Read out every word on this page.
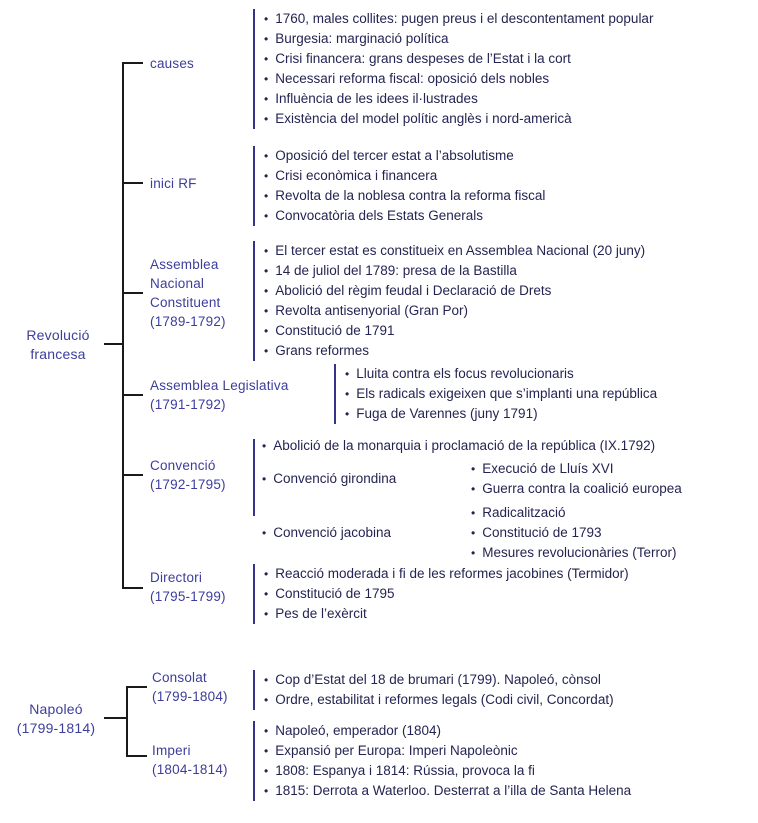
Revolució
francesa
causes
inici RF
Assemblea
Nacional
Constituent
(1789-1792)
Assemblea Legislativa
(1791-1792)
Convenció
(1792-1795)
Directori
(1795-1799)
• 1760, males collites: pugen preus i el descontentament popular
• Burgesia: marginació política
• Crisi financera: grans despeses de l’Estat i la cort
• Necessari reforma fiscal: oposició dels nobles
• Influència de les idees il·lustrades
• Existència del model polític anglès i nord-americà
• Oposició del tercer estat a l’absolutisme
• Crisi econòmica i financera
• Revolta de la noblesa contra la reforma fiscal
• Convocatòria dels Estats Generals
• El tercer estat es constitueix en Assemblea Nacional (20 juny)
• 14 de juliol del 1789: presa de la Bastilla
• Abolició del règim feudal i Declaració de Drets
• Revolta antisenyorial (Gran Por)
• Constitució de 1791
• Grans reformes
• Lluita contra els focus revolucionaris
• Els radicals exigeixen que s’implanti una república
• Fuga de Varennes (juny 1791)
• Abolició de la monarquia i proclamació de la república (IX.1792)
• Convenció girondina
• Execució de Lluís XVI
• Guerra contra la coalició europea
• Convenció jacobina
• Radicalització
• Constitució de 1793
• Mesures revolucionàries (Terror)
• Reacció moderada i fi de les reformes jacobines (Termidor)
• Constitució de 1795
• Pes de l’exèrcit
Napoleó
(1799-1814)
Consolat
(1799-1804)
Imperi
(1804-1814)
• Cop d’Estat del 18 de brumari (1799). Napoleó, cònsol
• Ordre, estabilitat i reformes legals (Codi civil, Concordat)
• Napoleó, emperador (1804)
• Expansió per Europa: Imperi Napoleònic
• 1808: Espanya i 1814: Rússia, provoca la fi
• 1815: Derrota a Waterloo. Desterrat a l’illa de Santa Helena
